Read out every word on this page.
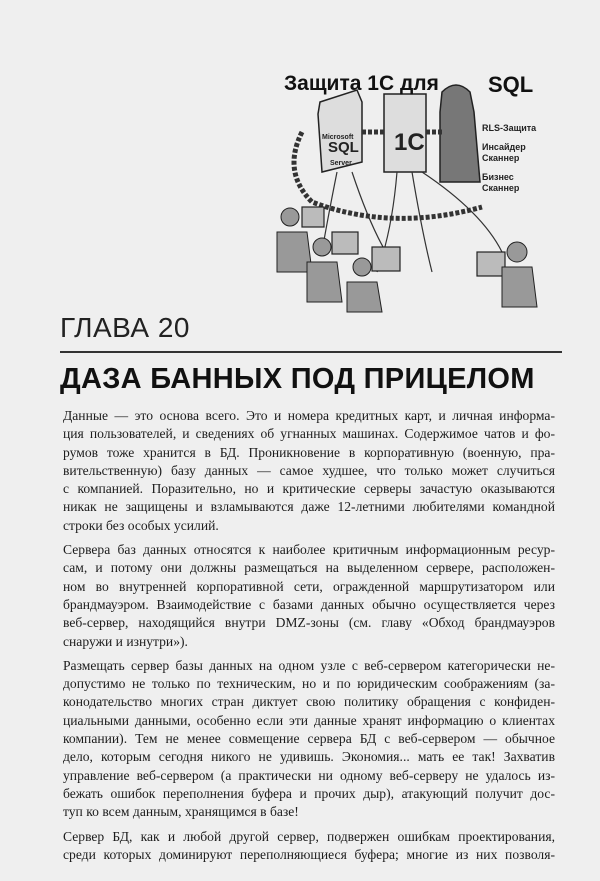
Защита 1С для SQL
Microsoft
SQL
Server
1C
RLS-Защита
Инсайдер Сканнер
Бизнес Сканнер
ГЛАВА 20
ДАЗА БАННЫХ ПОД ПРИЦЕЛОМ
Данные — это основа всего. Это и номера кредитных карт, и личная информа-
ция пользователей, и сведениях об угнанных машинах. Содержимое чатов и фо-
румов тоже хранится в БД. Проникновение в корпоративную (военную, пра-
вительственную) базу данных — самое худшее, что только может случиться
с компанией. Поразительно, но и критические серверы зачастую оказываются
никак не защищены и взламываются даже 12-летними любителями командной
строки без особых усилий.
Сервера баз данных относятся к наиболее критичным информационным ресур-
сам, и потому они должны размещаться на выделенном сервере, расположен-
ном во внутренней корпоративной сети, огражденной маршрутизатором или
брандмауэром. Взаимодействие с базами данных обычно осуществляется через
веб-сервер, находящийся внутри DMZ-зоны (см. главу «Обход брандмауэров
снаружи и изнутри»).
Размещать сервер базы данных на одном узле с веб-сервером категорически не-
допустимо не только по техническим, но и по юридическим соображениям (за-
конодательство многих стран диктует свою политику обращения с конфиден-
циальными данными, особенно если эти данные хранят информацию о клиентах
компании). Тем не менее совмещение сервера БД с веб-сервером — обычное
дело, которым сегодня никого не удивишь. Экономия... мать ее так! Захватив
управление веб-сервером (а практически ни одному веб-серверу не удалось из-
бежать ошибок переполнения буфера и прочих дыр), атакующий получит дос-
туп ко всем данным, хранящимся в базе!
Сервер БД, как и любой другой сервер, подвержен ошибкам проектирования,
среди которых доминируют переполняющиеся буфера; многие из них позволя-
